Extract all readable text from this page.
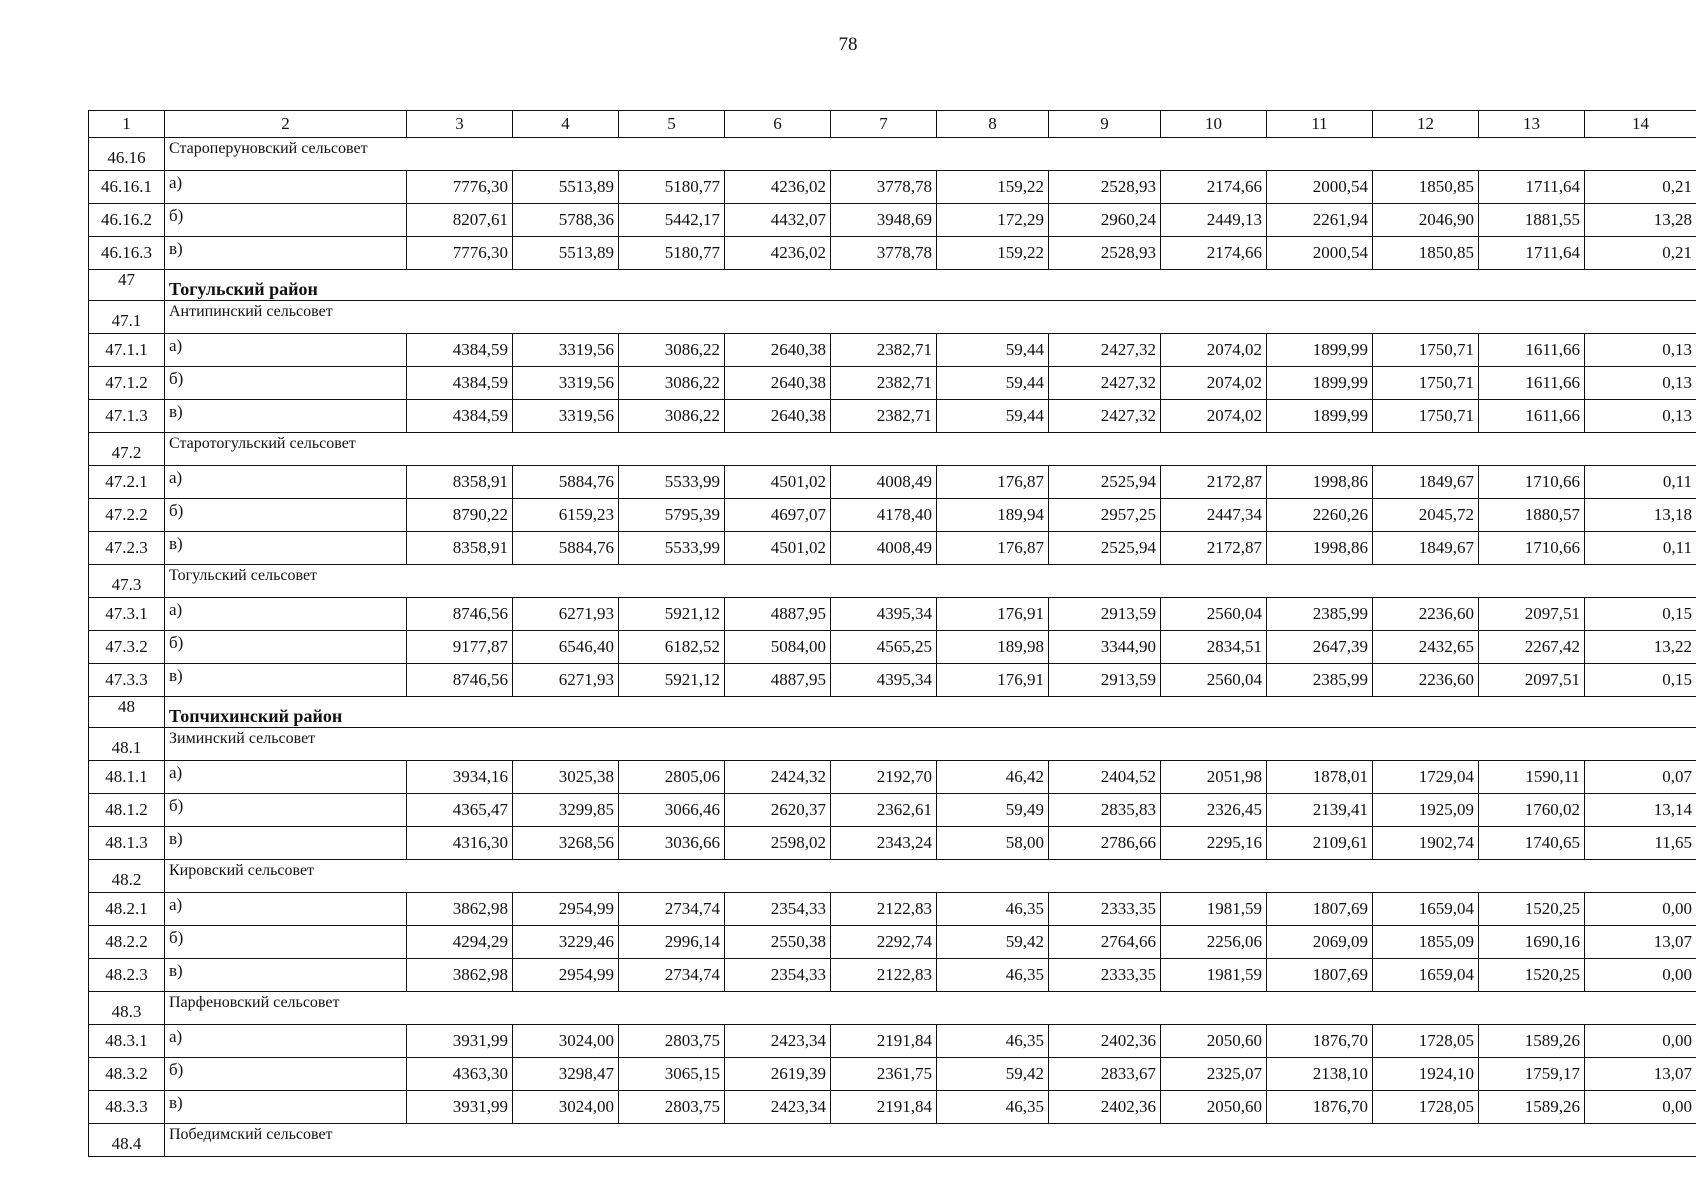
78
1	2	3	4	5	6	7	8	9	10	11	12	13	14
46.16	Староперуновский сельсовет												
46.16.1	а)	7776,30	5513,89	5180,77	4236,02	3778,78	159,22	2528,93	2174,66	2000,54	1850,85	1711,64	0,21
46.16.2	б)	8207,61	5788,36	5442,17	4432,07	3948,69	172,29	2960,24	2449,13	2261,94	2046,90	1881,55	13,28
46.16.3	в)	7776,30	5513,89	5180,77	4236,02	3778,78	159,22	2528,93	2174,66	2000,54	1850,85	1711,64	0,21
47	Тогульский район												
47.1	Антипинский сельсовет												
47.1.1	а)	4384,59	3319,56	3086,22	2640,38	2382,71	59,44	2427,32	2074,02	1899,99	1750,71	1611,66	0,13
47.1.2	б)	4384,59	3319,56	3086,22	2640,38	2382,71	59,44	2427,32	2074,02	1899,99	1750,71	1611,66	0,13
47.1.3	в)	4384,59	3319,56	3086,22	2640,38	2382,71	59,44	2427,32	2074,02	1899,99	1750,71	1611,66	0,13
47.2	Старотогульский сельсовет												
47.2.1	а)	8358,91	5884,76	5533,99	4501,02	4008,49	176,87	2525,94	2172,87	1998,86	1849,67	1710,66	0,11
47.2.2	б)	8790,22	6159,23	5795,39	4697,07	4178,40	189,94	2957,25	2447,34	2260,26	2045,72	1880,57	13,18
47.2.3	в)	8358,91	5884,76	5533,99	4501,02	4008,49	176,87	2525,94	2172,87	1998,86	1849,67	1710,66	0,11
47.3	Тогульский сельсовет												
47.3.1	а)	8746,56	6271,93	5921,12	4887,95	4395,34	176,91	2913,59	2560,04	2385,99	2236,60	2097,51	0,15
47.3.2	б)	9177,87	6546,40	6182,52	5084,00	4565,25	189,98	3344,90	2834,51	2647,39	2432,65	2267,42	13,22
47.3.3	в)	8746,56	6271,93	5921,12	4887,95	4395,34	176,91	2913,59	2560,04	2385,99	2236,60	2097,51	0,15
48	Топчихинский район												
48.1	Зиминский сельсовет												
48.1.1	а)	3934,16	3025,38	2805,06	2424,32	2192,70	46,42	2404,52	2051,98	1878,01	1729,04	1590,11	0,07
48.1.2	б)	4365,47	3299,85	3066,46	2620,37	2362,61	59,49	2835,83	2326,45	2139,41	1925,09	1760,02	13,14
48.1.3	в)	4316,30	3268,56	3036,66	2598,02	2343,24	58,00	2786,66	2295,16	2109,61	1902,74	1740,65	11,65
48.2	Кировский сельсовет												
48.2.1	а)	3862,98	2954,99	2734,74	2354,33	2122,83	46,35	2333,35	1981,59	1807,69	1659,04	1520,25	0,00
48.2.2	б)	4294,29	3229,46	2996,14	2550,38	2292,74	59,42	2764,66	2256,06	2069,09	1855,09	1690,16	13,07
48.2.3	в)	3862,98	2954,99	2734,74	2354,33	2122,83	46,35	2333,35	1981,59	1807,69	1659,04	1520,25	0,00
48.3	Парфеновский сельсовет												
48.3.1	а)	3931,99	3024,00	2803,75	2423,34	2191,84	46,35	2402,36	2050,60	1876,70	1728,05	1589,26	0,00
48.3.2	б)	4363,30	3298,47	3065,15	2619,39	2361,75	59,42	2833,67	2325,07	2138,10	1924,10	1759,17	13,07
48.3.3	в)	3931,99	3024,00	2803,75	2423,34	2191,84	46,35	2402,36	2050,60	1876,70	1728,05	1589,26	0,00
48.4	Победимский сельсовет												
